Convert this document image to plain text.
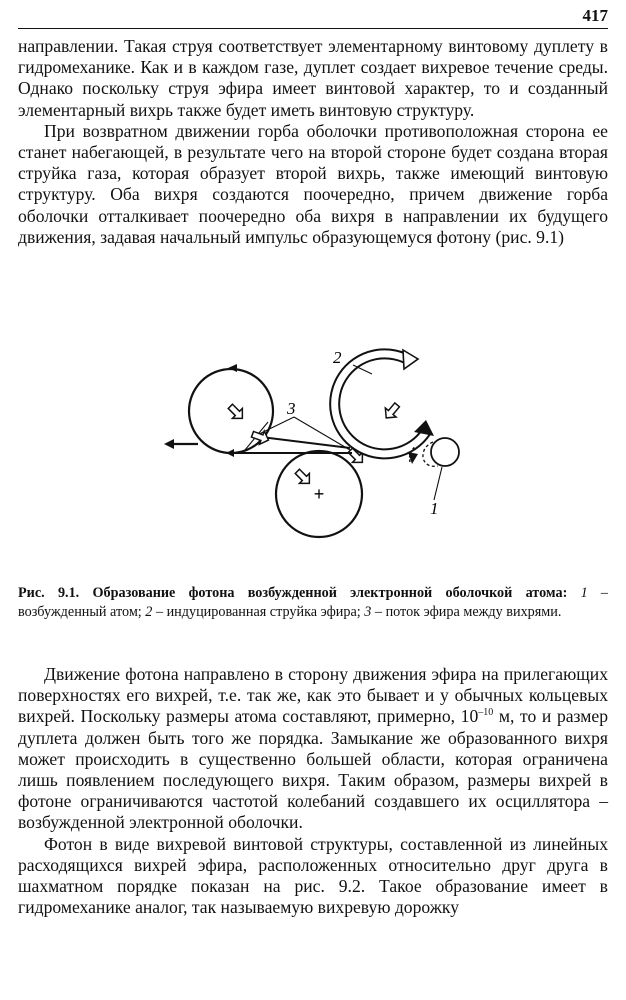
417

направлении. Такая струя соответствует элементарному винтовому дуплету в гидромеханике. Как и в каждом газе, дуплет создает вихревое течение среды. Однако поскольку струя эфира имеет винтовой характер, то и созданный элементарный вихрь также будет иметь винтовую структуру.

При возвратном движении горба оболочки противоположная сторона ее станет набегающей, в результате чего на второй стороне будет создана вторая струйка газа, которая образует второй вихрь, также имеющий винтовую структуру. Оба вихря создаются поочередно, причем движение горба оболочки отталкивает поочередно оба вихря в направлении их будущего движения, задавая начальный импульс образующемуся фотону (рис. 9.1)

+
3
2
1
Рис. 9.1. Образование фотона возбужденной электронной оболочкой атома: 1 – возбужденный атом; 2 – индуцированная струйка эфира; 3 – поток эфира между вихрями.

Движение фотона направлено в сторону движения эфира на прилегающих поверхностях его вихрей, т.е. так же, как это бывает и у обычных кольцевых вихрей. Поскольку размеры атома составляют, примерно, $10^{-10}$ м, то и размер дуплета должен быть того же порядка. Замыкание же образованного вихря может происходить в существенно большей области, которая ограничена лишь появлением последующего вихря. Таким образом, размеры вихрей в фотоне ограничиваются частотой колебаний создавшего их осциллятора – возбужденной электронной оболочки.

Фотон в виде вихревой винтовой структуры, составленной из линейных расходящихся вихрей эфира, расположенных относительно друг друга в шахматном порядке показан на рис. 9.2. Такое образование имеет в гидромеханике аналог, так называемую вихревую дорожку
